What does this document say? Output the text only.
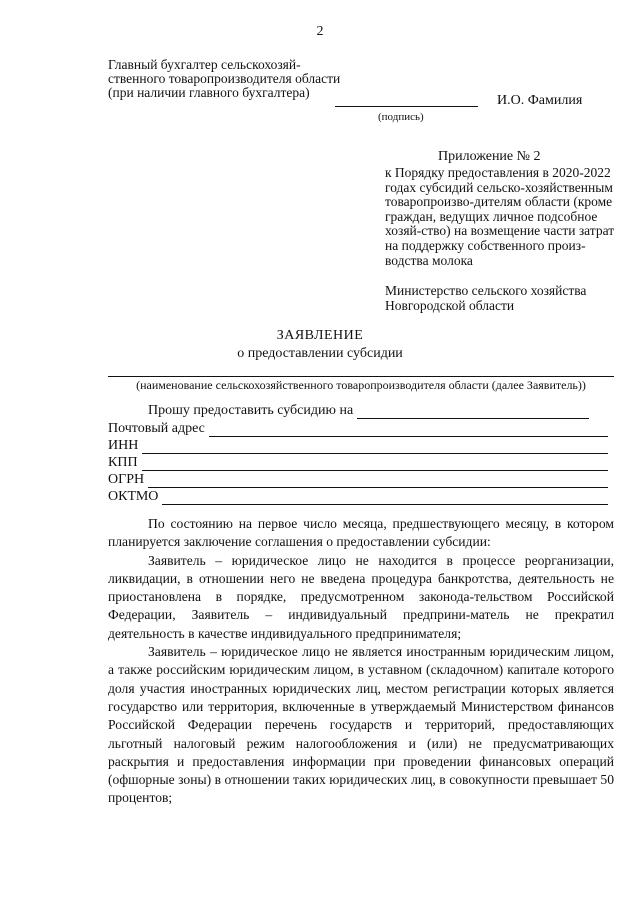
2
Главный бухгалтер сельскохозяй-ственного товаропроизводителя области (при наличии главного бухгалтера)
И.О. Фамилия
(подпись)
Приложение № 2
к Порядку предоставления в 2020-2022 годах субсидий сельско-хозяйственным товаропроизво-дителям области (кроме граждан, ведущих личное подсобное хозяй-ство) на возмещение части затрат на поддержку собственного произ-водства молока
Министерство сельского хозяйства Новгородской области
ЗАЯВЛЕНИЕ
о предоставлении субсидии
(наименование сельскохозяйственного товаропроизводителя области (далее Заявитель))
Прошу предоставить субсидию на
Почтовый адрес
ИНН
КПП
ОГРН
ОКТМО

По состоянию на первое число месяца, предшествующего месяцу, в котором планируется заключение соглашения о предоставлении субсидии:

Заявитель – юридическое лицо не находится в процессе реорганизации, ликвидации, в отношении него не введена процедура банкротства, деятельность не приостановлена в порядке, предусмотренном законода-тельством Российской Федерации, Заявитель – индивидуальный предприни-матель не прекратил деятельность в качестве индивидуального предпринимателя;

Заявитель – юридическое лицо не является иностранным юридическим лицом, а также российским юридическим лицом, в уставном (складочном) капитале которого доля участия иностранных юридических лиц, местом регистрации которых является государство или территория, включенные в утверждаемый Министерством финансов Российской Федерации перечень государств и территорий, предоставляющих льготный налоговый режим налогообложения и (или) не предусматривающих раскрытия и предоставления информации при проведении финансовых операций (офшорные зоны) в отношении таких юридических лиц, в совокупности превышает 50 процентов;
